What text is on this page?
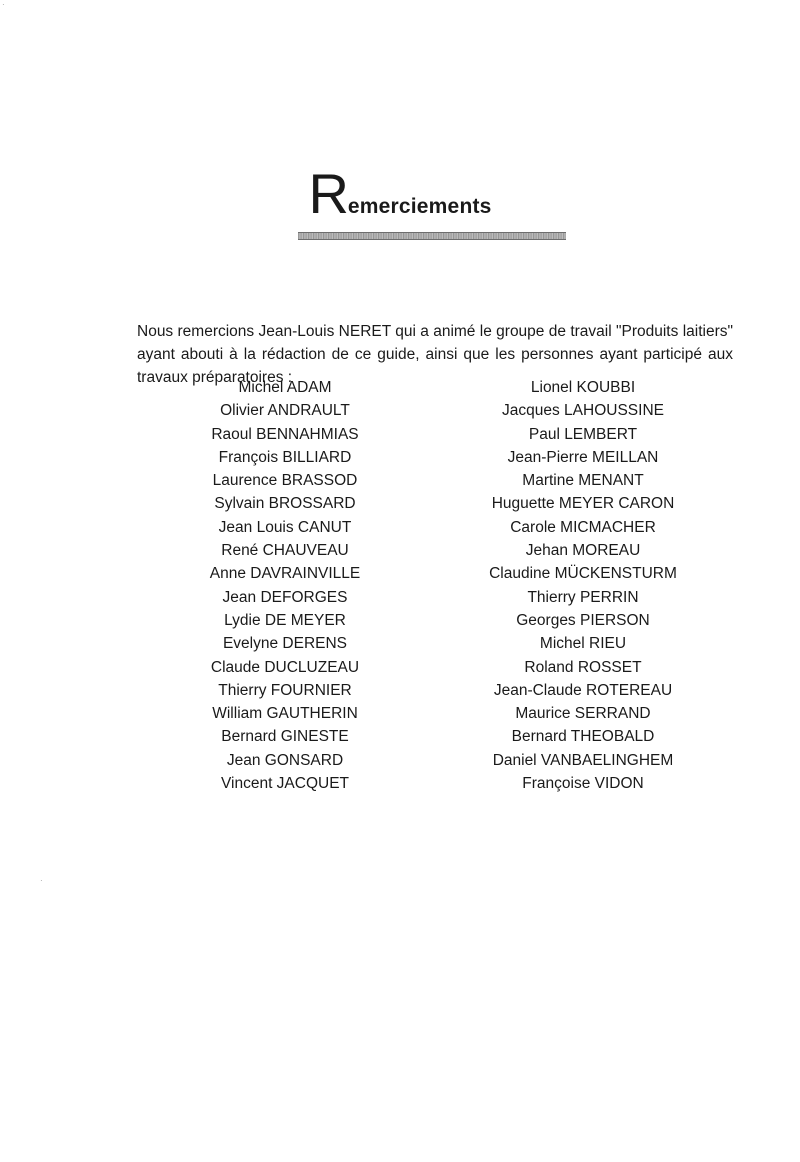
Remerciements

Nous remercions Jean-Louis NERET qui a animé le groupe de travail "Produits laitiers" ayant abouti à la rédaction de ce guide, ainsi que les personnes ayant participé aux travaux préparatoires :

Michel ADAM
Olivier ANDRAULT
Raoul BENNAHMIAS
François BILLIARD
Laurence BRASSOD
Sylvain BROSSARD
Jean Louis CANUT
René CHAUVEAU
Anne DAVRAINVILLE
Jean DEFORGES
Lydie DE MEYER
Evelyne DERENS
Claude DUCLUZEAU
Thierry FOURNIER
William GAUTHERIN
Bernard GINESTE
Jean GONSARD
Vincent JACQUET
Lionel KOUBBI
Jacques LAHOUSSINE
Paul LEMBERT
Jean-Pierre MEILLAN
Martine MENANT
Huguette MEYER CARON
Carole MICMACHER
Jehan MOREAU
Claudine MÜCKENSTURM
Thierry PERRIN
Georges PIERSON
Michel RIEU
Roland ROSSET
Jean-Claude ROTEREAU
Maurice SERRAND
Bernard THEOBALD
Daniel VANBAELINGHEM
Françoise VIDON
·
·
